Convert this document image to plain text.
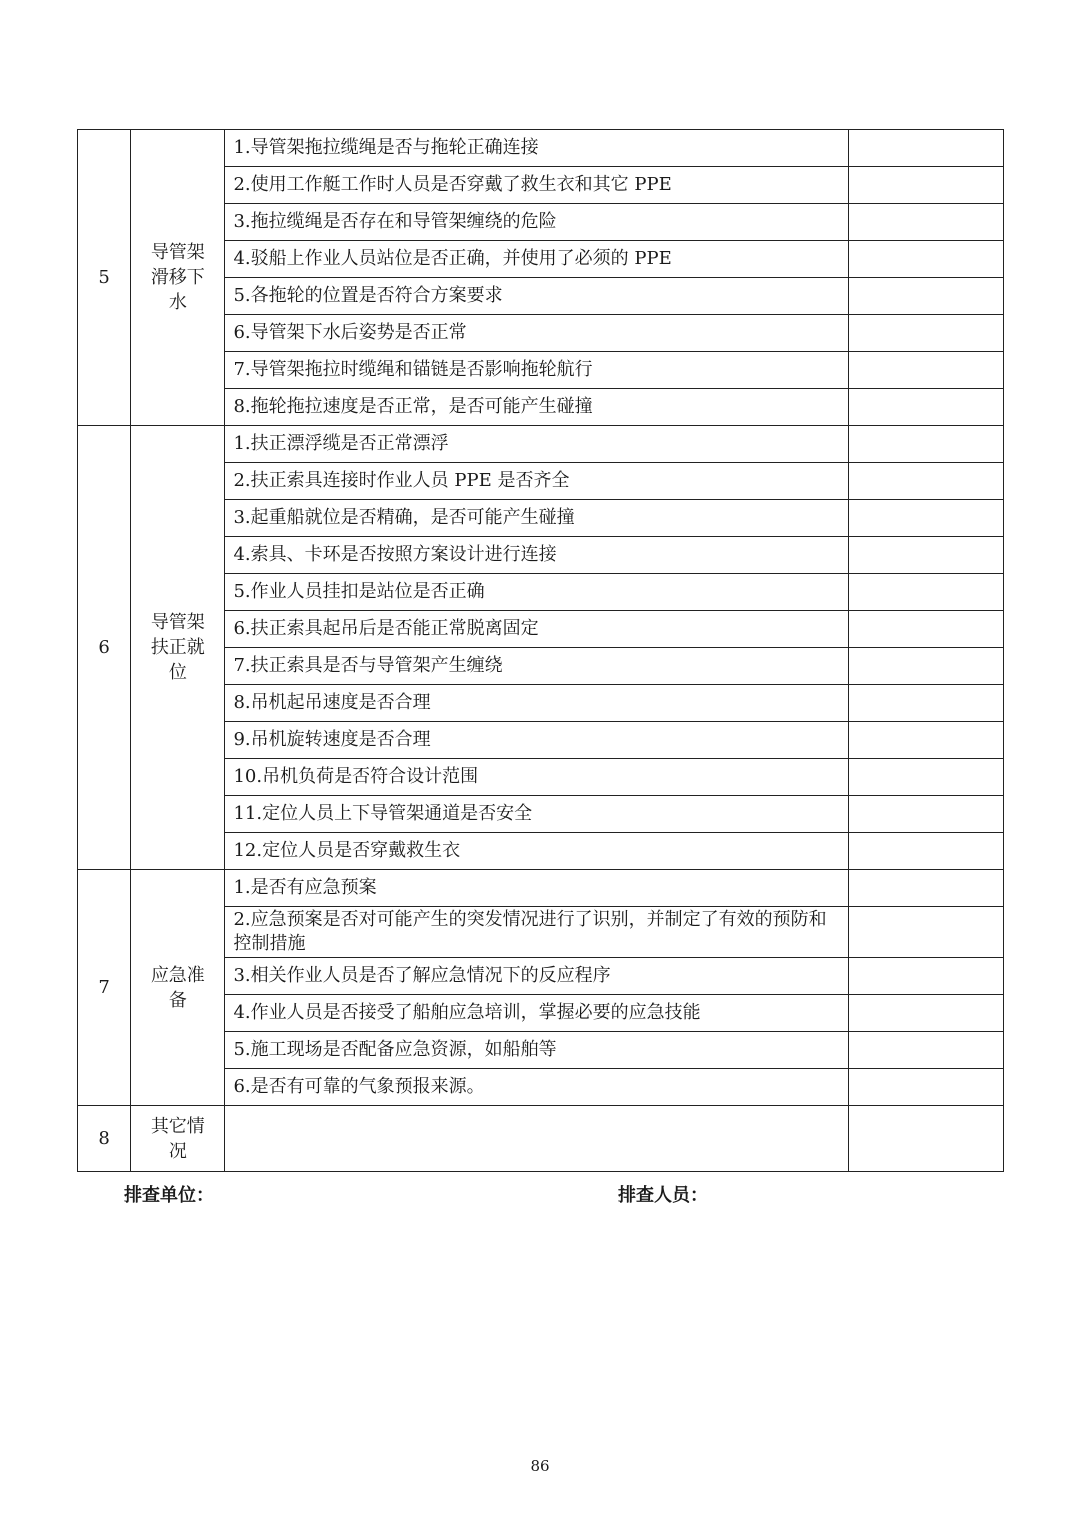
5	导管架滑移下水	1.导管架拖拉缆绳是否与拖轮正确连接	

		2.使用工作艇工作时人员是否穿戴了救生衣和其它 PPE	

		3.拖拉缆绳是否存在和导管架缠绕的危险	

		4.驳船上作业人员站位是否正确，并使用了必须的 PPE	

		5.各拖轮的位置是否符合方案要求	

		6.导管架下水后姿势是否正常	

		7.导管架拖拉时缆绳和锚链是否影响拖轮航行	

		8.拖轮拖拉速度是否正常，是否可能产生碰撞	

6	导管架扶正就位	1.扶正漂浮缆是否正常漂浮	

		2.扶正索具连接时作业人员 PPE 是否齐全	

		3.起重船就位是否精确，是否可能产生碰撞	

		4.索具、卡环是否按照方案设计进行连接	

		5.作业人员挂扣是站位是否正确	

		6.扶正索具起吊后是否能正常脱离固定	

		7.扶正索具是否与导管架产生缠绕	

		8.吊机起吊速度是否合理	

		9.吊机旋转速度是否合理	

		10.吊机负荷是否符合设计范围	

		11.定位人员上下导管架通道是否安全	

		12.定位人员是否穿戴救生衣	

7	应急准备	1.是否有应急预案	

		2.应急预案是否对可能产生的突发情况进行了识别，并制定了有效的预防和控制措施	

		3.相关作业人员是否了解应急情况下的反应程序	

		4.作业人员是否接受了船舶应急培训，掌握必要的应急技能	

		5.施工现场是否配备应急资源，如船舶等	

		6.是否有可靠的气象预报来源。	

8	其它情况		

排查单位：	排查人员：
86
